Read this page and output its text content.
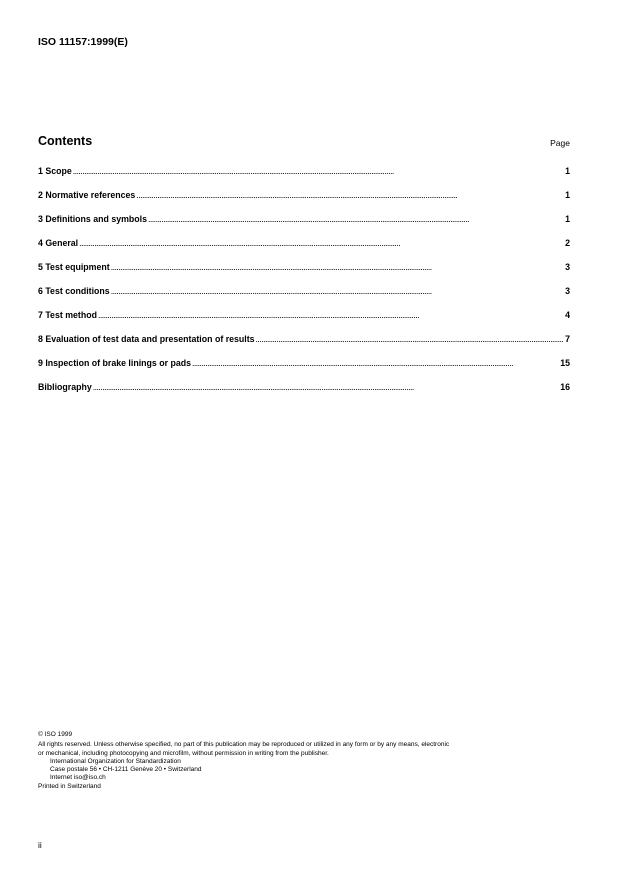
ISO 11157:1999(E)
Contents	Page
1 Scope . . .	1
2 Normative references . . .	1
3 Definitions and symbols . . .	1
4 General . . .	2
5 Test equipment . . .	3
6 Test conditions . . .	3
7 Test method . . .	4
8 Evaluation of test data and presentation of results . . .	7
9 Inspection of brake linings or pads . . .	15
Bibliography . . .	16
© ISO 1999
All rights reserved. Unless otherwise specified, no part of this publication may be reproduced or utilized in any form or by any means, electronic
or mechanical, including photocopying and microfilm, without permission in writing from the publisher.
International Organization for Standardization
Case postale 56 • CH-1211 Genève 20 • Switzerland
Internet iso@iso.ch
Printed in Switzerland
ii
